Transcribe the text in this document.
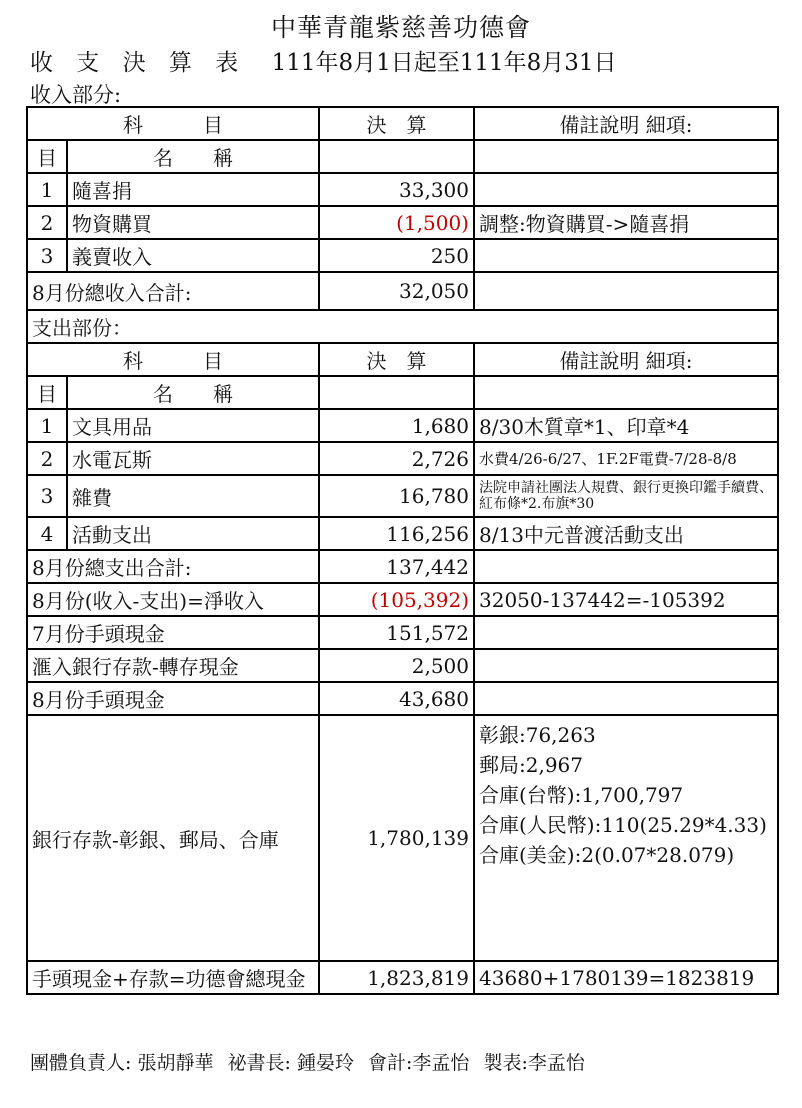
中華青龍紫慈善功德會
收 支 決 算 表 111年8月1日起至111年8月31日
收入部分:
科　　　目		決　算	備註說明 細項:
目	名　　稱		
1	隨喜捐	33,300	
2	物資購買	(1,500)	調整:物資購買->隨喜捐
3	義賣收入	250	
8月份總收入合計:		32,050	
支出部份：			
科　　　目		決　算	備註說明 細項:
目	名　　稱		
1	文具用品	1,680	8/30木質章*1、印章*4
2	水電瓦斯	2,726	水費4/26-6/27、1F.2F電費-7/28-8/8
3	雜費	16,780	法院申請社團法人規費、銀行更換印鑑手續費、紅布條*2.布旗*30
4	活動支出	116,256	8/13中元普渡活動支出
8月份總支出合計:		137,442	
8月份(收入-支出)=淨收入		(105,392)	32050-137442=-105392
7月份手頭現金		151,572	
滙入銀行存款-轉存現金		2,500	
8月份手頭現金		43,680	
銀行存款-彰銀、郵局、合庫		1,780,139	彰銀:76,263
郵局:2,967
合庫(台幣):1,700,797
合庫(人民幣):110(25.29*4.33)
合庫(美金):2(0.07*28.079)

手頭現金+存款=功德會總現金		1,823,819	43680+1780139=1823819
團體負責人: 張胡靜華 祕書長: 鍾晏玲 會計:李孟怡 製表:李孟怡
